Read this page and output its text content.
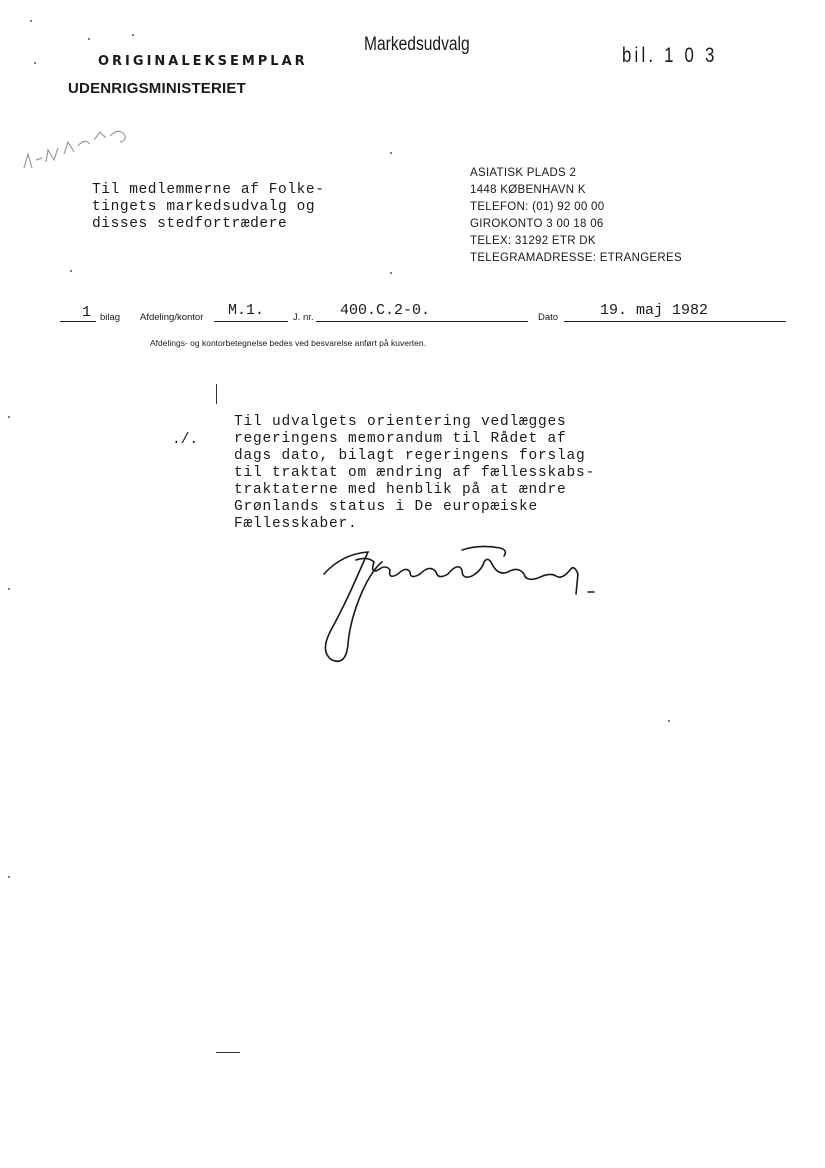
ORIGINALEKSEMPLAR
UDENRIGSMINISTERIET
Markedsudvalg	bil. 1 0 3
ASIATISK PLADS 2
1448 KØBENHAVN K
TELEFON: (01) 92 00 00
GIROKONTO 3 00 18 06
TELEX: 31292 ETR DK
TELEGRAMADRESSE: ETRANGERES
Til medlemmerne af Folke-
tingets markedsudvalg og
disses stedfortrædere
1 bilag Afdeling/kontor M.1.	J. nr. 400.C.2-0.	Dato	19. maj 1982
Afdelings- og kontorbetegnelse bedes ved besvarelse anført på kuverten.
./.
Til udvalgets orientering vedlægges
regeringens memorandum til Rådet af
dags dato, bilagt regeringens forslag
til traktat om ændring af fællesskabs-
traktaterne med henblik på at ændre
Grønlands status i De europæiske
Fællesskaber.
